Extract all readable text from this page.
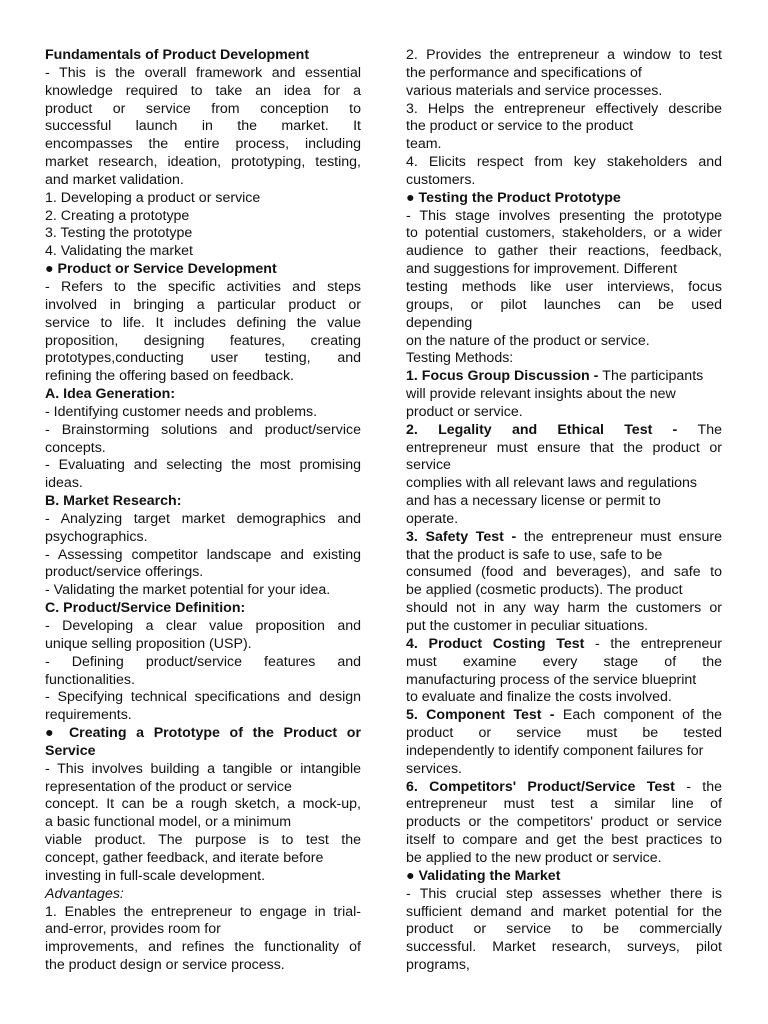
Fundamentals of Product Development
- This is the overall framework and essential
knowledge required to take an idea for a
product or service from conception to
successful launch in the market. It
encompasses the entire process, including
market research, ideation, prototyping, testing,
and market validation.
1. Developing a product or service
2. Creating a prototype
3. Testing the prototype
4. Validating the market
● Product or Service Development
- Refers to the specific activities and steps
involved in bringing a particular product or
service to life. It includes defining the value
proposition, designing features, creating
prototypes,conducting user testing, and
refining the offering based on feedback.
A. Idea Generation:
- Identifying customer needs and problems.
- Brainstorming solutions and product/service
concepts.
- Evaluating and selecting the most promising
ideas.
B. Market Research:
- Analyzing target market demographics and
psychographics.
- Assessing competitor landscape and existing
product/service offerings.
- Validating the market potential for your idea.
C. Product/Service Definition:
- Developing a clear value proposition and
unique selling proposition (USP).
- Defining product/service features and
functionalities.
- Specifying technical specifications and design
requirements.
● Creating a Prototype of the Product or
Service
- This involves building a tangible or intangible
representation of the product or service
concept. It can be a rough sketch, a mock-up,
a basic functional model, or a minimum
viable product. The purpose is to test the
concept, gather feedback, and iterate before
investing in full-scale development.
Advantages:
1. Enables the entrepreneur to engage in trial-
and-error, provides room for
improvements, and refines the functionality of
the product design or service process.
2. Provides the entrepreneur a window to test
the performance and specifications of
various materials and service processes.
3. Helps the entrepreneur effectively describe
the product or service to the product
team.
4. Elicits respect from key stakeholders and
customers.
● Testing the Product Prototype
- This stage involves presenting the prototype
to potential customers, stakeholders, or a wider
audience to gather their reactions, feedback,
and suggestions for improvement. Different
testing methods like user interviews, focus
groups, or pilot launches can be used
depending
on the nature of the product or service.
Testing Methods:
1. Focus Group Discussion - The participants
will provide relevant insights about the new
product or service.
2. Legality and Ethical Test - The
entrepreneur must ensure that the product or
service
complies with all relevant laws and regulations
and has a necessary license or permit to
operate.
3. Safety Test - the entrepreneur must ensure
that the product is safe to use, safe to be
consumed (food and beverages), and safe to
be applied (cosmetic products). The product
should not in any way harm the customers or
put the customer in peculiar situations.
4. Product Costing Test - the entrepreneur
must examine every stage of the
manufacturing process of the service blueprint
to evaluate and finalize the costs involved.
5. Component Test - Each component of the
product or service must be tested
independently to identify component failures for
services.
6. Competitors' Product/Service Test - the
entrepreneur must test a similar line of
products or the competitors' product or service
itself to compare and get the best practices to
be applied to the new product or service.
● Validating the Market
- This crucial step assesses whether there is
sufficient demand and market potential for the
product or service to be commercially
successful. Market research, surveys, pilot
programs,
